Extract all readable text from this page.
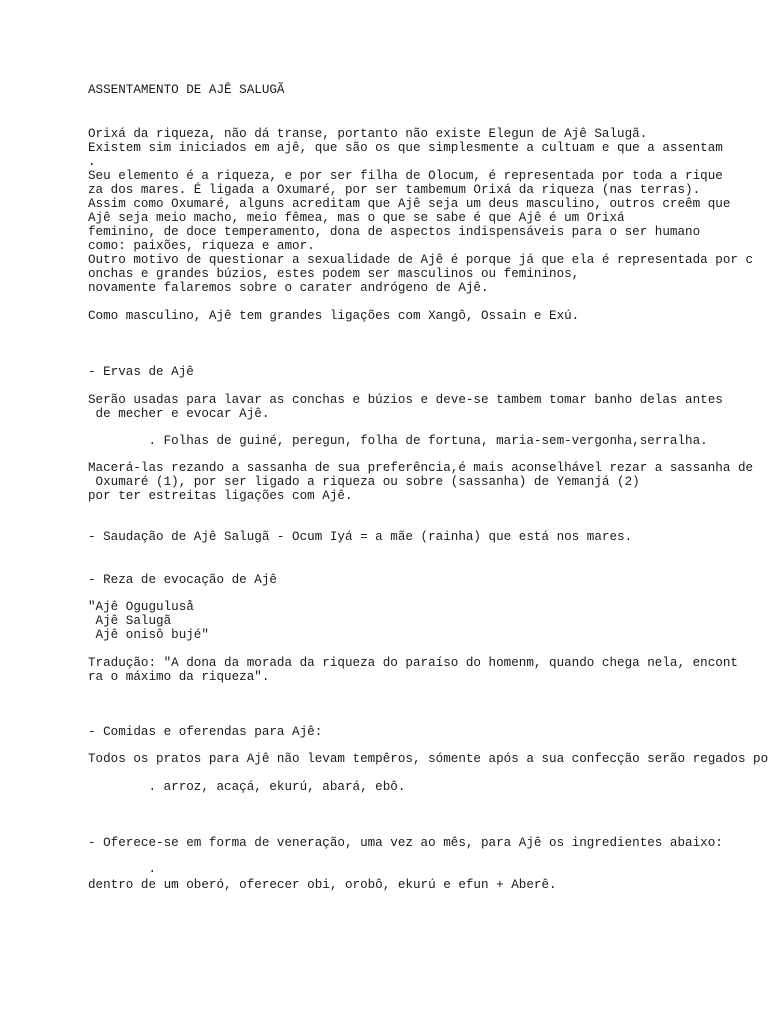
ASSENTAMENTO DE AJÊ SALUGÃ

Orixá da riqueza, não dá transe, portanto não existe Elegun de Ajê Salugã.

Existem sim iniciados em ajê, que são os que simplesmente a cultuam e que a assentam

.

Seu elemento é a riqueza, e por ser filha de Olocum, é representada por toda a rique

za dos mares. É ligada a Oxumaré, por ser tambemum Orixá da riqueza (nas terras).

Assim como Oxumaré, alguns acreditam que Ajê seja um deus masculino, outros creêm que

Ajê seja meio macho, meio fêmea, mas o que se sabe é que Ajê é um Orixá

feminino, de doce temperamento, dona de aspectos indispensáveis para o ser humano

como: paixões, riqueza e amor.

Outro motivo de questionar a sexualidade de Ajê é porque já que ela é representada por c

onchas e grandes búzios, estes podem ser masculinos ou femininos,

novamente falaremos sobre o carater andrógeno de Ajê.

Como masculino, Ajê tem grandes ligações com Xangô, Ossain e Exú.

- Ervas de Ajê

Serão usadas para lavar as conchas e búzios e deve-se tambem tomar banho delas antes

de mecher e evocar Ajê.

. Folhas de guiné, peregun, folha de fortuna, maria-sem-vergonha,serralha.

Macerá-las rezando a sassanha de sua preferência,é mais aconselhável rezar a sassanha de

Oxumaré (1), por ser ligado a riqueza ou sobre (sassanha) de Yemanjá (2)

por ter estreitas ligações com Ajê.

- Saudação de Ajê Salugã - Ocum Iyá = a mãe (rainha) que está nos mares.

- Reza de evocação de Ajê

"Ajê Oguguluså

Ajê Salugã

Ajê onisô bujé"

Tradução: "A dona da morada da riqueza do paraíso do homenm, quando chega nela, encont

ra o máximo da riqueza".

- Comidas e oferendas para Ajê:

Todos os pratos para Ajê não levam tempêros, sómente após a sua confecção serão regados po

. arroz, acaçá, ekurú, abará, ebô.

- Oferece-se em forma de veneração, uma vez ao mês, para Ajê os ingredientes abaixo:

.

dentro de um oberó, oferecer obi, orobô, ekurú e efun + Aberê.
